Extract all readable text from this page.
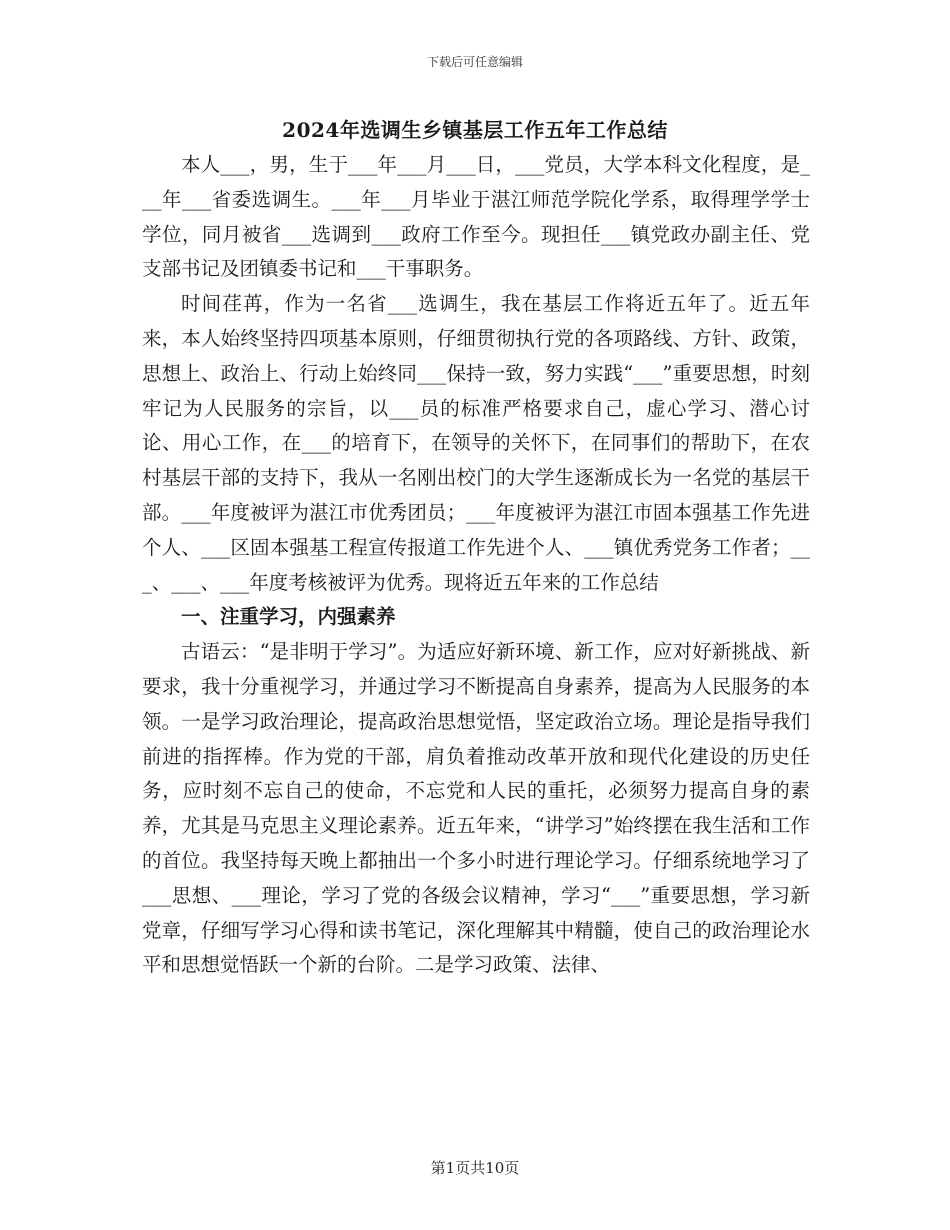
下载后可任意编辑
2024年选调生乡镇基层工作五年工作总结

本人___，男，生于___年___月___日，___党员，大学本科文化程度，是___年___省委选调生。___年___月毕业于湛江师范学院化学系，取得理学学士学位，同月被省___选调到___政府工作至今。现担任___镇党政办副主任、党支部书记及团镇委书记和___干事职务。

时间荏苒，作为一名省___选调生，我在基层工作将近五年了。近五年来，本人始终坚持四项基本原则，仔细贯彻执行党的各项路线、方针、政策，思想上、政治上、行动上始终同___保持一致，努力实践“___”重要思想，时刻牢记为人民服务的宗旨，以___员的标准严格要求自己，虚心学习、潜心讨论、用心工作，在___的培育下，在领导的关怀下，在同事们的帮助下，在农村基层干部的支持下，我从一名刚出校门的大学生逐渐成长为一名党的基层干部。___年度被评为湛江市优秀团员；___年度被评为湛江市固本强基工作先进个人、___区固本强基工程宣传报道工作先进个人、___镇优秀党务工作者；___、___、___年度考核被评为优秀。现将近五年来的工作总结

一、注重学习，内强素养

古语云：“是非明于学习”。为适应好新环境、新工作，应对好新挑战、新要求，我十分重视学习，并通过学习不断提高自身素养，提高为人民服务的本领。一是学习政治理论，提高政治思想觉悟，坚定政治立场。理论是指导我们前进的指挥棒。作为党的干部，肩负着推动改革开放和现代化建设的历史任务，应时刻不忘自己的使命，不忘党和人民的重托，必须努力提高自身的素养，尤其是马克思主义理论素养。近五年来，“讲学习”始终摆在我生活和工作的首位。我坚持每天晚上都抽出一个多小时进行理论学习。仔细系统地学习了___思想、___理论，学习了党的各级会议精神，学习“___”重要思想，学习新党章，仔细写学习心得和读书笔记，深化理解其中精髓，使自己的政治理论水平和思想觉悟跃一个新的台阶。二是学习政策、法律、

第1页共10页
